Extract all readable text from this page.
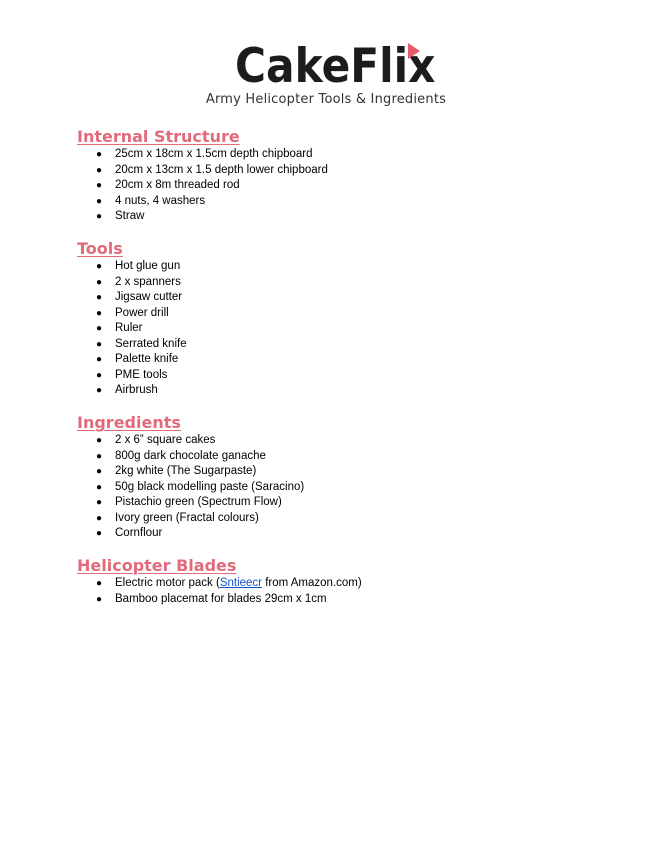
CakeFlix
Army Helicopter Tools & Ingredients
Internal Structure
● 25cm x 18cm x 1.5cm depth chipboard
● 20cm x 13cm x 1.5 depth lower chipboard
● 20cm x 8m threaded rod
● 4 nuts, 4 washers
● Straw
Tools
● Hot glue gun
● 2 x spanners
● Jigsaw cutter
● Power drill
● Ruler
● Serrated knife
● Palette knife
● PME tools
● Airbrush
Ingredients
● 2 x 6” square cakes
● 800g dark chocolate ganache
● 2kg white (The Sugarpaste)
● 50g black modelling paste (Saracino)
● Pistachio green (Spectrum Flow)
● Ivory green (Fractal colours)
● Cornflour
Helicopter Blades
● Electric motor pack (Sntieecr from Amazon.com)
● Bamboo placemat for blades 29cm x 1cm
